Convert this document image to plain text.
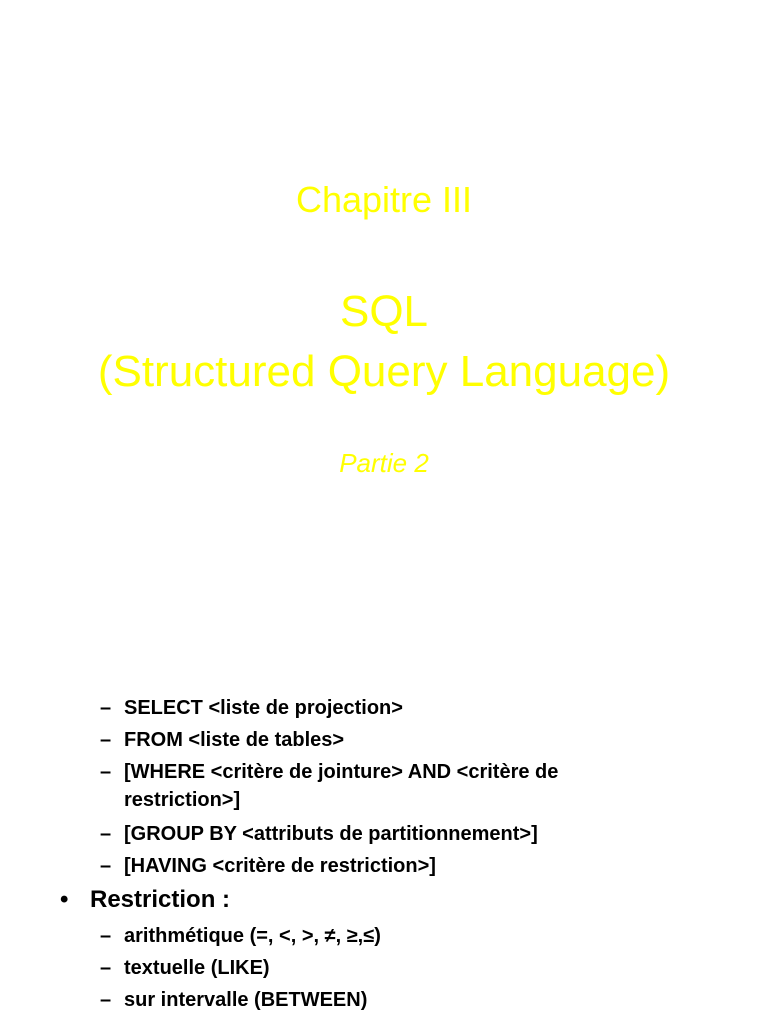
Chapitre III
SQL
(Structured Query Language)
Partie 2
– SELECT <liste de projection>
– FROM <liste de tables>
– [WHERE <critère de jointure> AND <critère de restriction>]
– [GROUP BY <attributs de partitionnement>]
– [HAVING <critère de restriction>]
• Restriction :
– arithmétique (=, <, >, ≠, ≥,≤)
– textuelle (LIKE)
– sur intervalle (BETWEEN)
